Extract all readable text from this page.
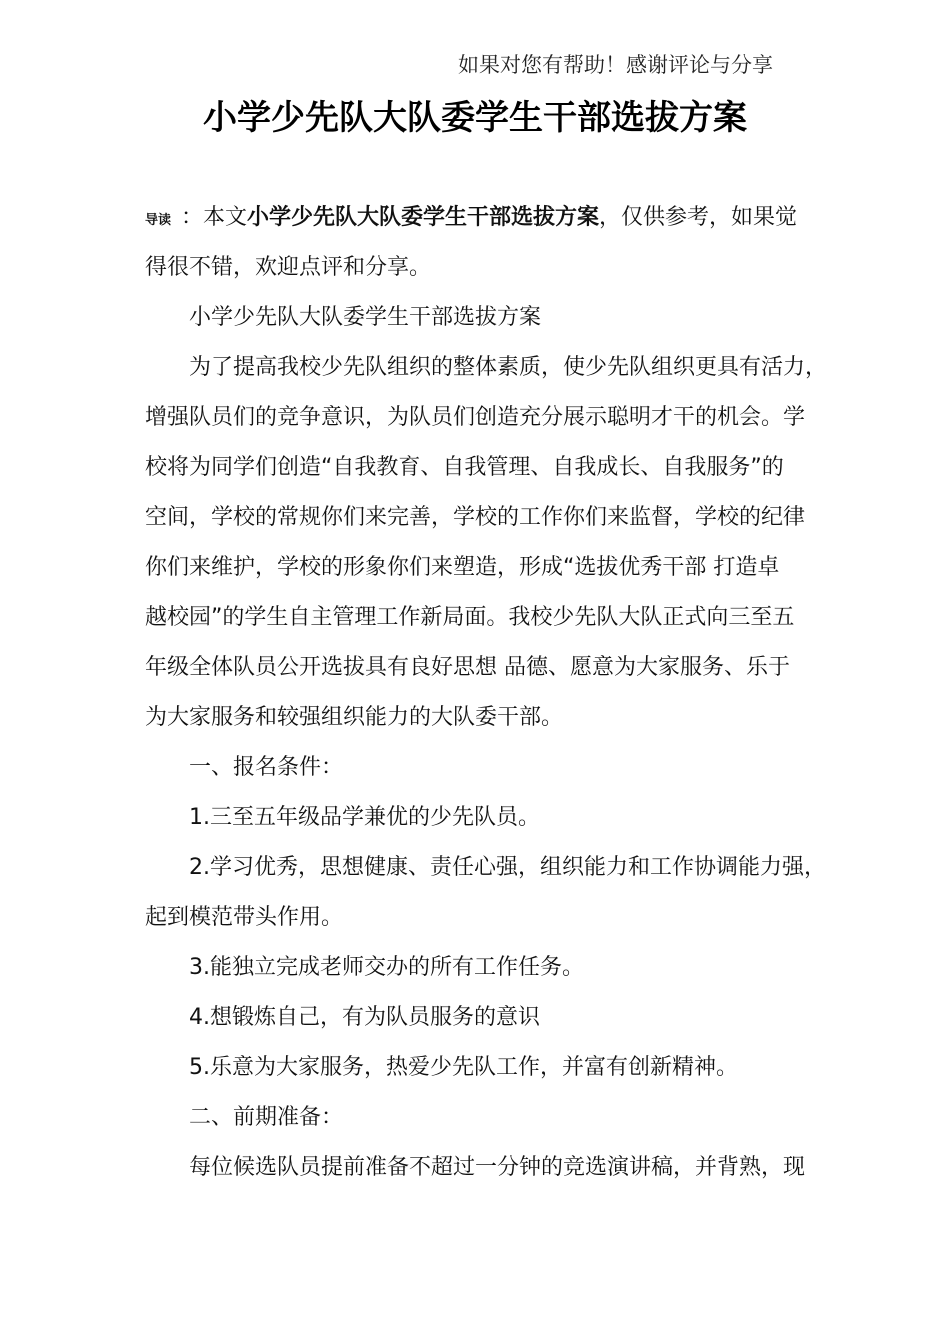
如果对您有帮助！感谢评论与分享
小学少先队大队委学生干部选拔方案
导读 ：本文小学少先队大队委学生干部选拔方案，仅供参考，如果觉
得很不错，欢迎点评和分享。
小学少先队大队委学生干部选拔方案
为了提高我校少先队组织的整体素质，使少先队组织更具有活力，
增强队员们的竞争意识，为队员们创造充分展示聪明才干的机会。学
校将为同学们创造“自我教育、自我管理、自我成长、自我服务”的
空间，学校的常规你们来完善，学校的工作你们来监督，学校的纪律
你们来维护，学校的形象你们来塑造，形成“选拔优秀干部 打造卓
越校园”的学生自主管理工作新局面。我校少先队大队正式向三至五
年级全体队员公开选拔具有良好思想 品德、愿意为大家服务、乐于
为大家服务和较强组织能力的大队委干部。
一、报名条件：
1.三至五年级品学兼优的少先队员。
2.学习优秀，思想健康、责任心强，组织能力和工作协调能力强，
起到模范带头作用。
3.能独立完成老师交办的所有工作任务。
4.想锻炼自己，有为队员服务的意识
5.乐意为大家服务，热爱少先队工作，并富有创新精神。
二、前期准备：
每位候选队员提前准备不超过一分钟的竞选演讲稿，并背熟，现
